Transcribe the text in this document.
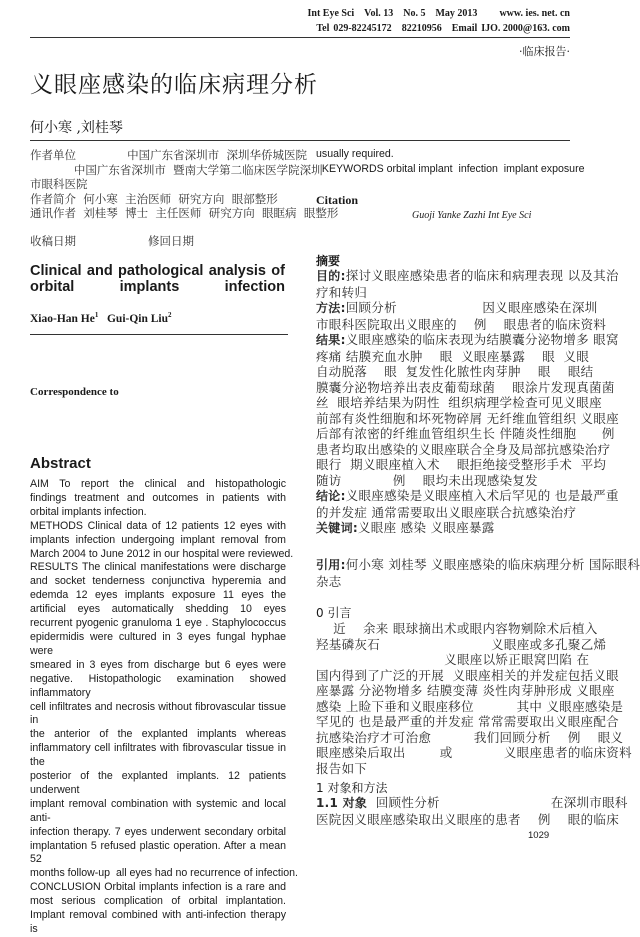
Int Eye Sci Vol. 13 No. 5 May 2013 www. ies. net. cn
Tel 029-82245172 82210956 Email IJO. 2000@163. com
·临床报告·
义眼座感染的临床病理分析
何小寒 ,刘桂琴
作者单位              中国广东省深圳市  深圳华侨城医院
中国广东省深圳市  暨南大学第二临床医学院深圳
市眼科医院
作者简介  何小寒  主治医师  研究方向  眼部整形
通讯作者  刘桂琴  博士  主任医师  研究方向  眼眶病  眼整形
收稿日期	修回日期
Clinical and pathological analysis of orbital implants infection
Xiao-Han He$^1$ Gui-Qin Liu$^2$
Correspondence to
Abstract
AIM To report the clinical and histopathologic
findings treatment and outcomes in patients with
orbital implants infection.
METHODS Clinical data of 12 patients 12 eyes with
implants infection undergoing implant removal from
March 2004 to June 2012 in our hospital were reviewed.
RESULTS The clinical manifestations were discharge
and socket tenderness conjunctiva hyperemia and
edemda 12 eyes implants exposure 11 eyes the
artificial eyes automatically shedding 10 eyes
recurrent pyogenic granuloma 1 eye . Staphylococcus
epidermidis were cultured in 3 eyes fungal hyphae were
smeared in 3 eyes from discharge but 6 eyes were
negative. Histopathologic examination showed inflammatory
cell infiltrates and necrosis without fibrovascular tissue in
the anterior of the explanted implants whereas
inflammatory cell infiltrates with fibrovascular tissue in the
posterior of the explanted implants. 12 patients underwent
implant removal combination with systemic and local anti-
infection therapy. 7 eyes underwent secondary orbital
implantation 5 refused plastic operation. After a mean 52
months follow-up  all eyes had no recurrence of infection.
CONCLUSION Orbital implants infection is a rare and
most serious complication of orbital implantation.
Implant removal combined with anti-infection therapy is
usually required.
KEYWORDS orbital implant  infection  implant exposure
Citation
Guoji Yanke Zazhi Int Eye Sci
摘要
目的:探讨义眼座感染患者的临床和病理表现 以及其治
疗和转归
方法:回顾分析                    因义眼座感染在深圳
市眼科医院取出义眼座的    例    眼患者的临床资料
结果:义眼座感染的临床表现为结膜囊分泌物增多 眼窝
疼痛 结膜充血水肿    眼  义眼座暴露    眼  义眼
自动脱落    眼  复发性化脓性肉芽肿    眼    眼结
膜囊分泌物培养出表皮葡萄球菌    眼涂片发现真菌菌
丝  眼培养结果为阴性  组织病理学检查可见义眼座
前部有炎性细胞和坏死物碎屑 无纤维血管组织 义眼座
后部有浓密的纤维血管组织生长 伴随炎性细胞      例
患者均取出感染的义眼座联合全身及局部抗感染治疗
眼行  期义眼座植入术    眼拒绝接受整形手术  平均
随访            例    眼均未出现感染复发
结论:义眼座感染是义眼座植入术后罕见的 也是最严重
的并发症 通常需要取出义眼座联合抗感染治疗
关键词:义眼座 感染 义眼座暴露
引用:何小寒 刘桂琴 义眼座感染的临床病理分析 国际眼科
杂志
0 引言
近    余来 眼球摘出术或眼内容物剜除术后植入
羟基磷灰石                          义眼座或多孔聚乙烯
义眼座以矫正眼窝凹陷 在
国内得到了广泛的开展  义眼座相关的并发症包括义眼
座暴露 分泌物增多 结膜变薄 炎性肉芽肿形成 义眼座
感染 上睑下垂和义眼座移位          其中 义眼座感染是
罕见的 也是最严重的并发症 常常需要取出义眼座配合
抗感染治疗才可治愈          我们回顾分析    例    眼义
眼座感染后取出        或            义眼座患者的临床资料
报告如下
1 对象和方法
1.1 对象  回顾性分析                          在深圳市眼科
医院因义眼座感染取出义眼座的患者    例    眼的临床
1029
